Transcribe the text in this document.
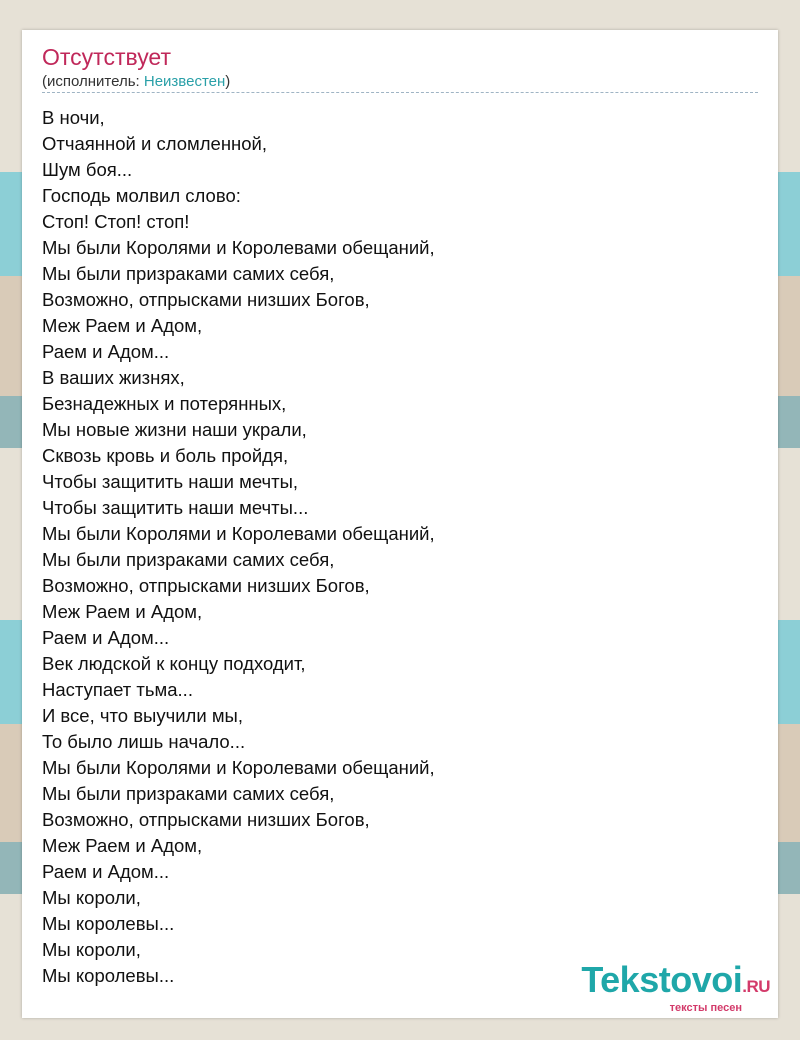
Отсутствует
(исполнитель: Неизвестен)
В ночи,
Отчаянной и сломленной,
Шум боя...
Господь молвил слово:
Стоп! Стоп! стоп!
Мы были Королями и Королевами обещаний,
Мы были призраками самих себя,
Возможно, отпрысками низших Богов,
Меж Раем и Адом,
Раем и Адом...
В ваших жизнях,
Безнадежных и потерянных,
Мы новые жизни наши украли,
Сквозь кровь и боль пройдя,
Чтобы защитить наши мечты,
Чтобы защитить наши мечты...
Мы были Королями и Королевами обещаний,
Мы были призраками самих себя,
Возможно, отпрысками низших Богов,
Меж Раем и Адом,
Раем и Адом...
Век людской к концу подходит,
Наступает тьма...
И все, что выучили мы,
То было лишь начало...
Мы были Королями и Королевами обещаний,
Мы были призраками самих себя,
Возможно, отпрысками низших Богов,
Меж Раем и Адом,
Раем и Адом...
Мы короли,
Мы королевы...
Мы короли,
Мы королевы...	Tekstovoi.RU
тексты песен
